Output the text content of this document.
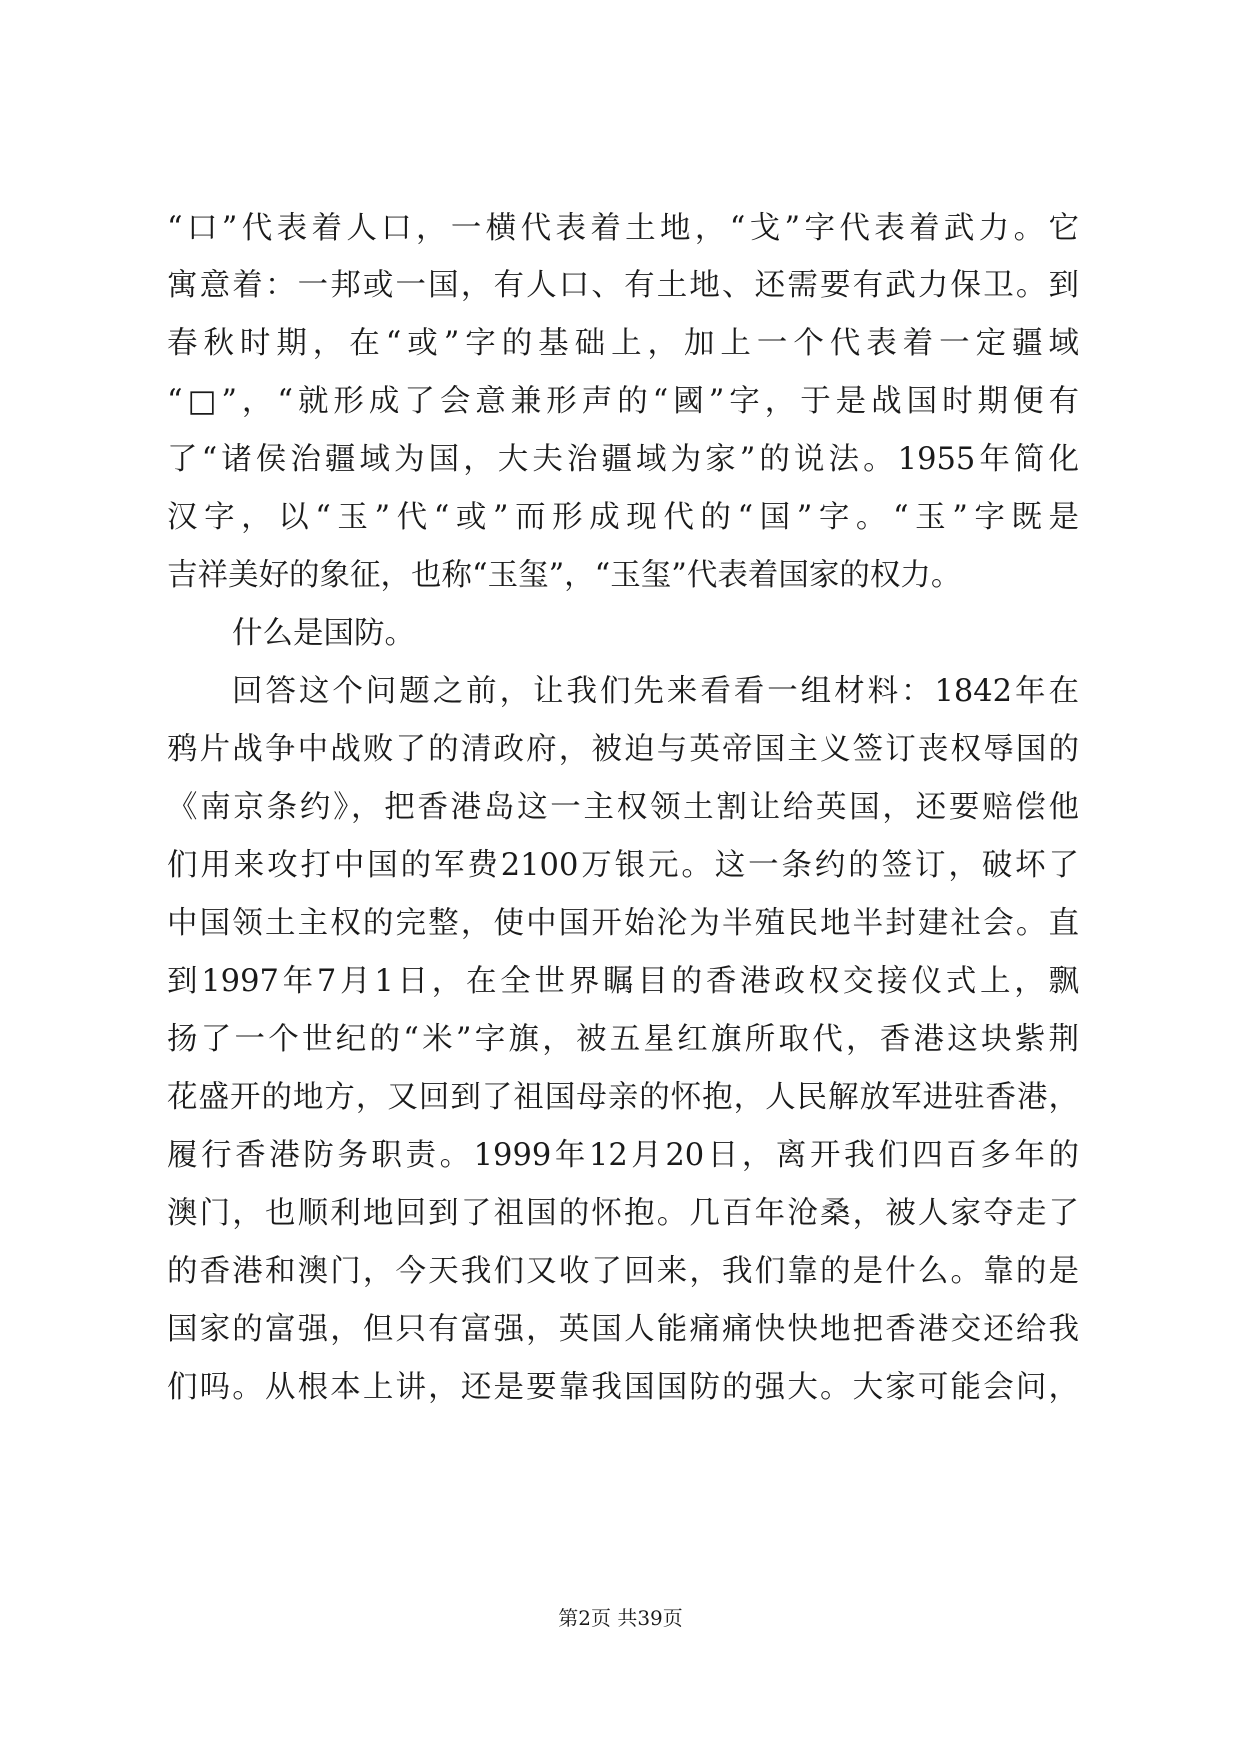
“口”代表着人口，一横代表着土地，“戈”字代表着武力。它
寓意着：一邦或一国，有人口、有土地、还需要有武力保卫。到
春秋时期，在“或”字的基础上，加上一个代表着一定疆域
“□”，“就形成了会意兼形声的“國”字，于是战国时期便有
了“诸侯治疆域为国，大夫治疆域为家”的说法。1955年简化
汉字，以“玉”代“或”而形成现代的“国”字。“玉”字既是
吉祥美好的象征，也称“玉玺”，“玉玺”代表着国家的权力。
什么是国防。
回答这个问题之前，让我们先来看看一组材料：1842年在
鸦片战争中战败了的清政府，被迫与英帝国主义签订丧权辱国的
《南京条约》，把香港岛这一主权领土割让给英国，还要赔偿他
们用来攻打中国的军费2100万银元。这一条约的签订，破坏了
中国领土主权的完整，使中国开始沦为半殖民地半封建社会。直
到1997年7月1日，在全世界瞩目的香港政权交接仪式上，飘
扬了一个世纪的“米”字旗，被五星红旗所取代，香港这块紫荆
花盛开的地方，又回到了祖国母亲的怀抱，人民解放军进驻香港，
履行香港防务职责。1999年12月20日，离开我们四百多年的
澳门，也顺利地回到了祖国的怀抱。几百年沧桑，被人家夺走了
的香港和澳门，今天我们又收了回来，我们靠的是什么。靠的是
国家的富强，但只有富强，英国人能痛痛快快地把香港交还给我
们吗。从根本上讲，还是要靠我国国防的强大。大家可能会问，
第2页 共39页
